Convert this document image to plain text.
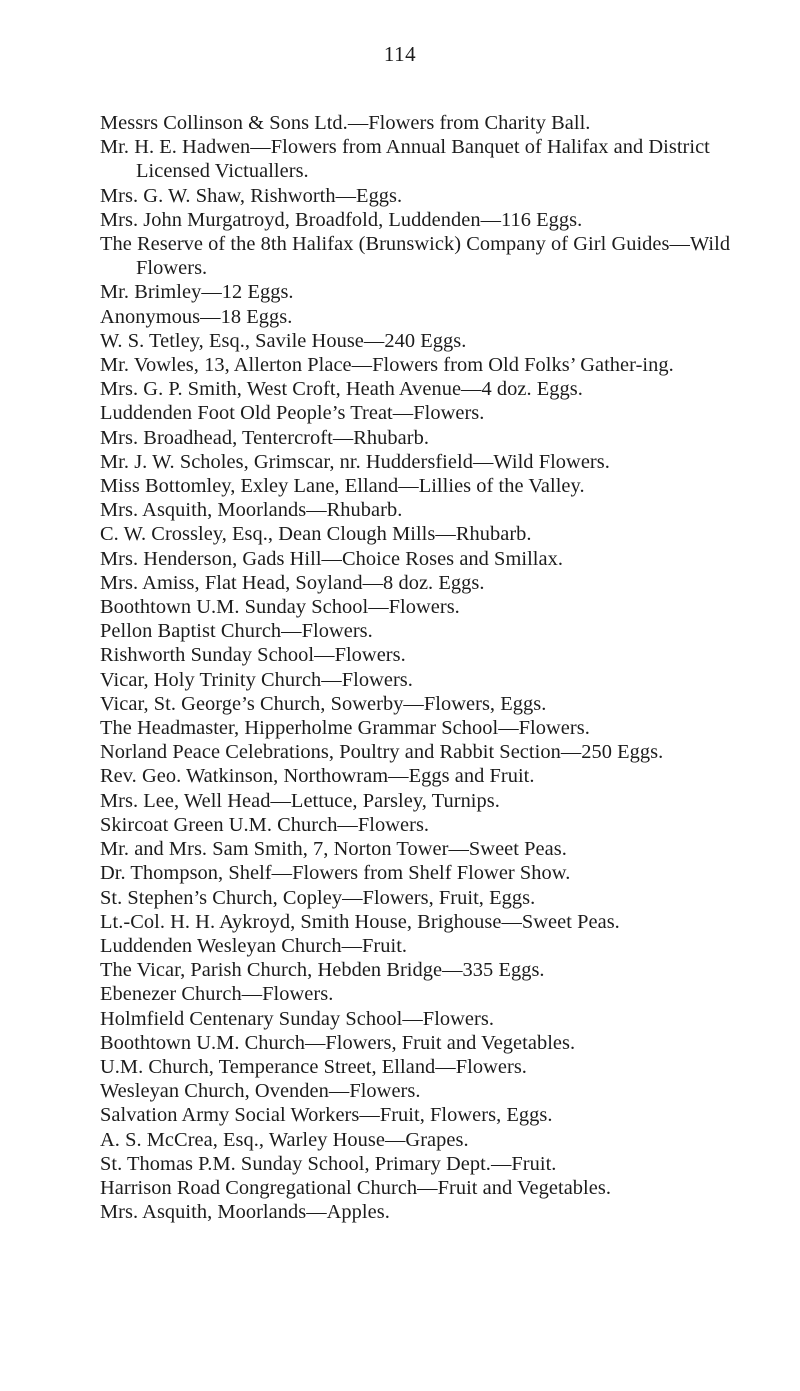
114
Messrs Collinson & Sons Ltd.—Flowers from Charity Ball.
Mr. H. E. Hadwen—Flowers from Annual Banquet of Halifax and District Licensed Victuallers.
Mrs. G. W. Shaw, Rishworth—Eggs.
Mrs. John Murgatroyd, Broadfold, Luddenden—116 Eggs.
The Reserve of the 8th Halifax (Brunswick) Company of Girl Guides—Wild Flowers.
Mr. Brimley—12 Eggs.
Anonymous—18 Eggs.
W. S. Tetley, Esq., Savile House—240 Eggs.
Mr. Vowles, 13, Allerton Place—Flowers from Old Folks’ Gather-ing.
Mrs. G. P. Smith, West Croft, Heath Avenue—4 doz. Eggs.
Luddenden Foot Old People’s Treat—Flowers.
Mrs. Broadhead, Tentercroft—Rhubarb.
Mr. J. W. Scholes, Grimscar, nr. Huddersfield—Wild Flowers.
Miss Bottomley, Exley Lane, Elland—Lillies of the Valley.
Mrs. Asquith, Moorlands—Rhubarb.
C. W. Crossley, Esq., Dean Clough Mills—Rhubarb.
Mrs. Henderson, Gads Hill—Choice Roses and Smillax.
Mrs. Amiss, Flat Head, Soyland—8 doz. Eggs.
Boothtown U.M. Sunday School—Flowers.
Pellon Baptist Church—Flowers.
Rishworth Sunday School—Flowers.
Vicar, Holy Trinity Church—Flowers.
Vicar, St. George’s Church, Sowerby—Flowers, Eggs.
The Headmaster, Hipperholme Grammar School—Flowers.
Norland Peace Celebrations, Poultry and Rabbit Section—250 Eggs.
Rev. Geo. Watkinson, Northowram—Eggs and Fruit.
Mrs. Lee, Well Head—Lettuce, Parsley, Turnips.
Skircoat Green U.M. Church—Flowers.
Mr. and Mrs. Sam Smith, 7, Norton Tower—Sweet Peas.
Dr. Thompson, Shelf—Flowers from Shelf Flower Show.
St. Stephen’s Church, Copley—Flowers, Fruit, Eggs.
Lt.-Col. H. H. Aykroyd, Smith House, Brighouse—Sweet Peas.
Luddenden Wesleyan Church—Fruit.
The Vicar, Parish Church, Hebden Bridge—335 Eggs.
Ebenezer Church—Flowers.
Holmfield Centenary Sunday School—Flowers.
Boothtown U.M. Church—Flowers, Fruit and Vegetables.
U.M. Church, Temperance Street, Elland—Flowers.
Wesleyan Church, Ovenden—Flowers.
Salvation Army Social Workers—Fruit, Flowers, Eggs.
A. S. McCrea, Esq., Warley House—Grapes.
St. Thomas P.M. Sunday School, Primary Dept.—Fruit.
Harrison Road Congregational Church—Fruit and Vegetables.
Mrs. Asquith, Moorlands—Apples.
